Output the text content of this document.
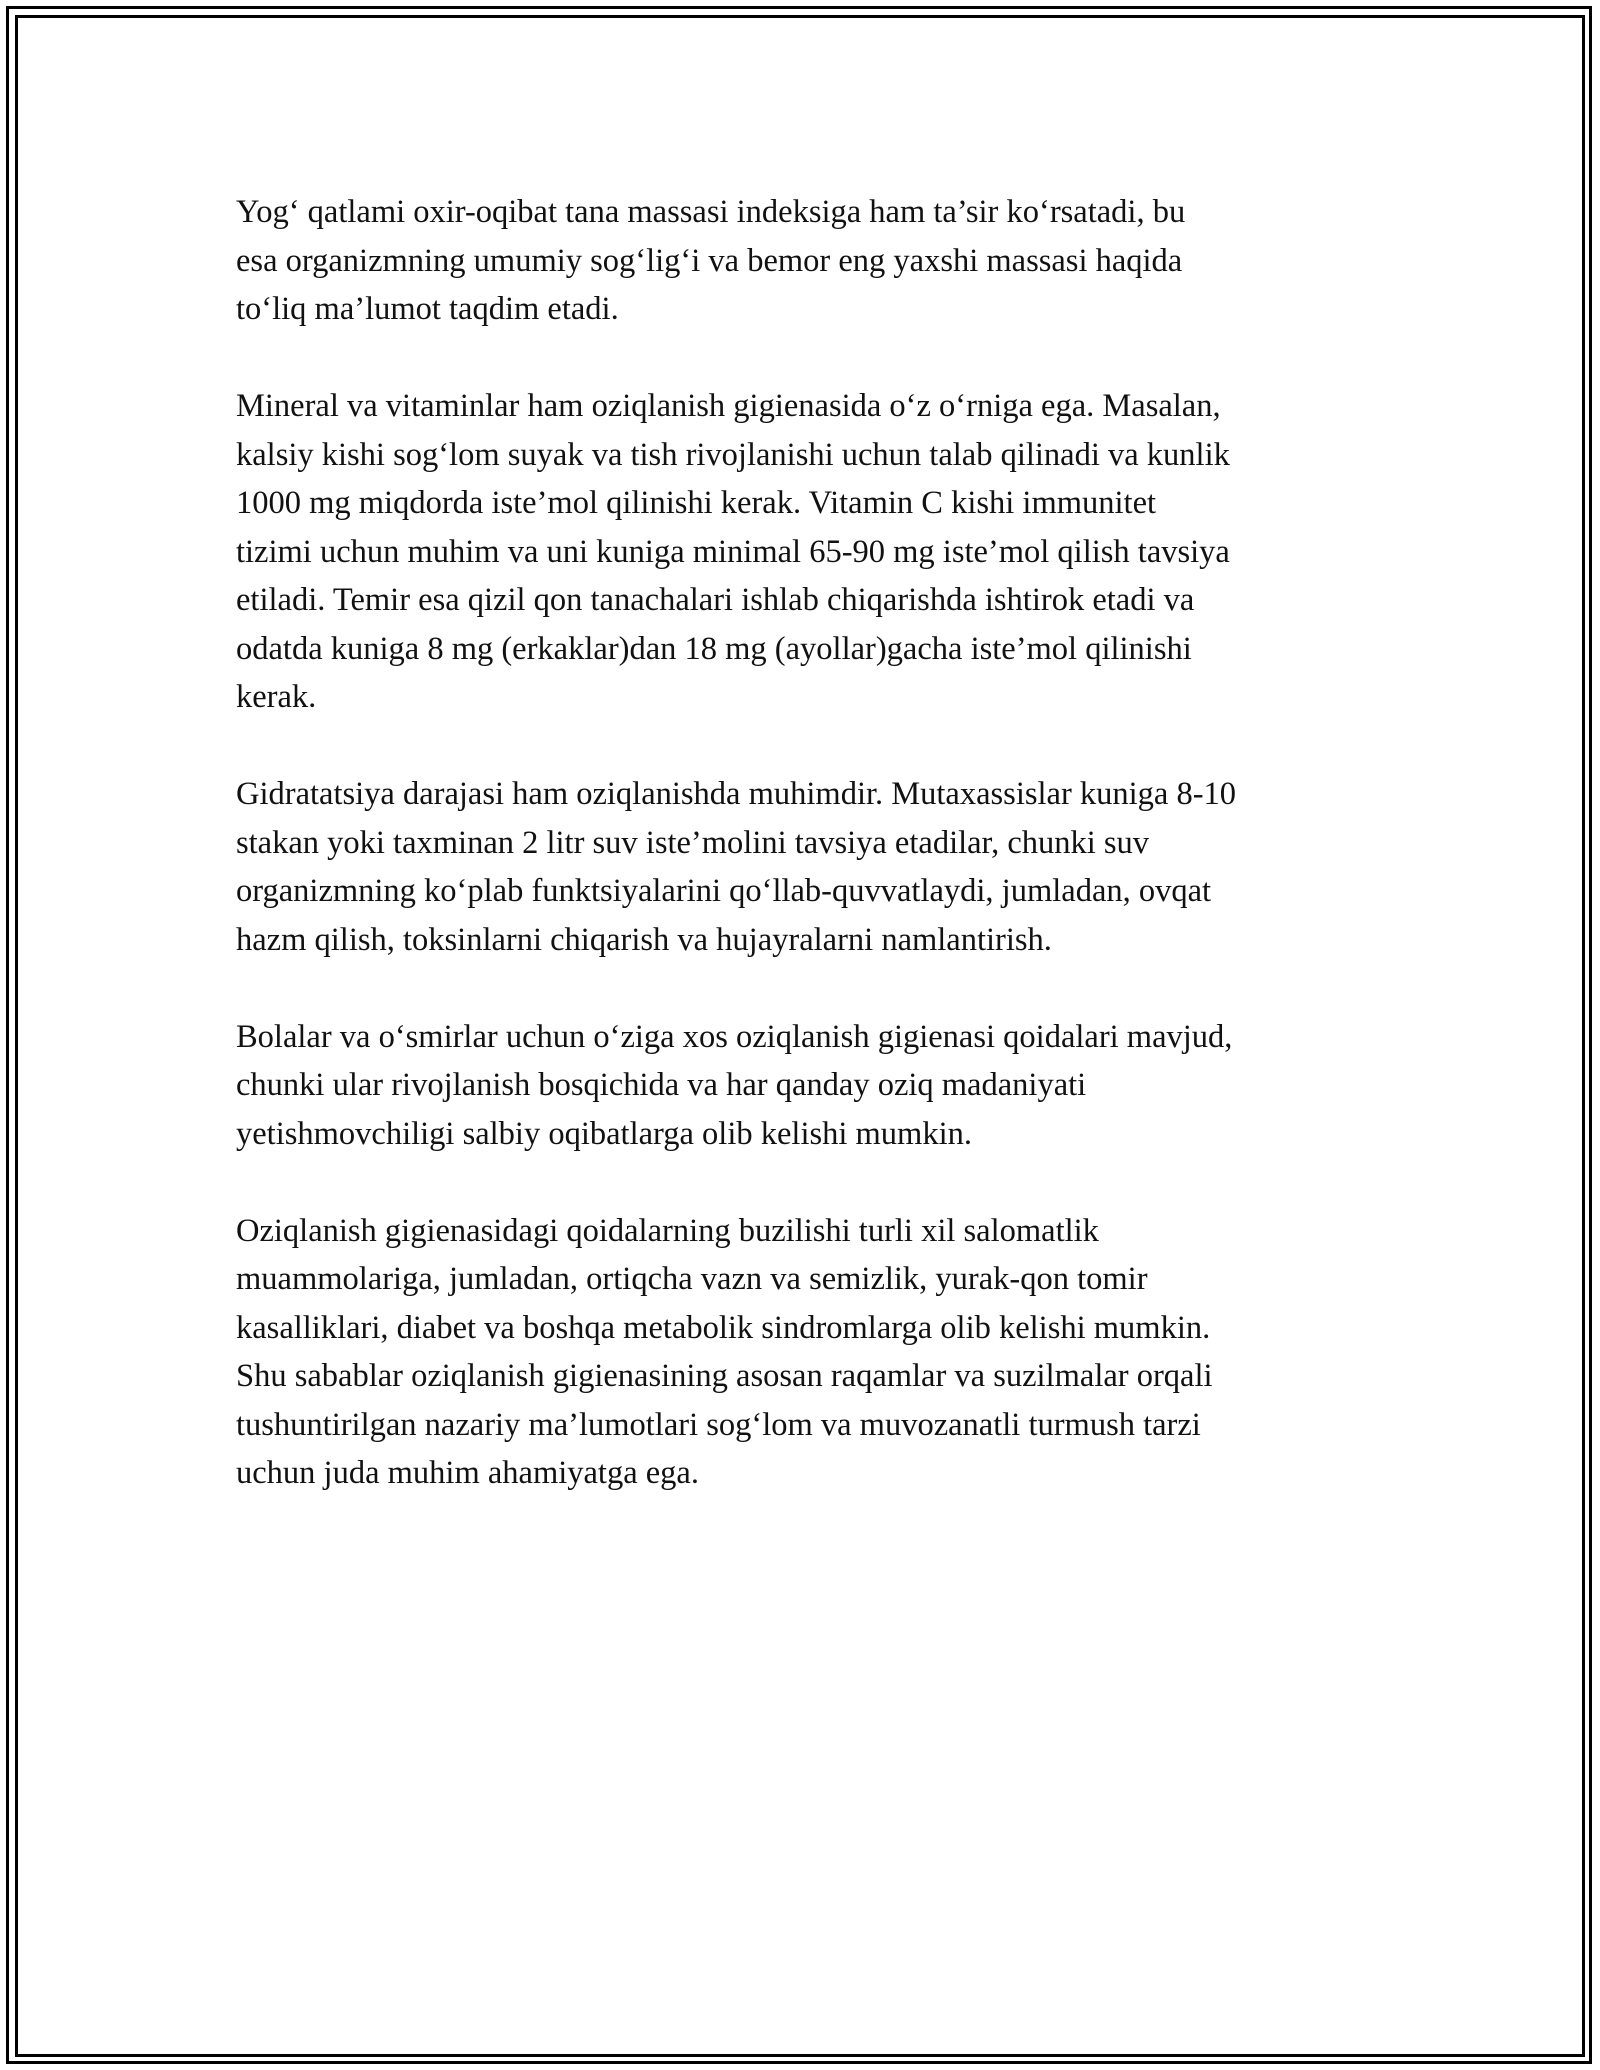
Yog‘ qatlami oxir-oqibat tana massasi indeksiga ham ta’sir ko‘rsatadi, bu
esa organizmning umumiy sog‘lig‘i va bemor eng yaxshi massasi haqida
to‘liq ma’lumot taqdim etadi.

Mineral va vitaminlar ham oziqlanish gigienasida o‘z o‘rniga ega. Masalan,
kalsiy kishi sog‘lom suyak va tish rivojlanishi uchun talab qilinadi va kunlik
1000 mg miqdorda iste’mol qilinishi kerak. Vitamin C kishi immunitet
tizimi uchun muhim va uni kuniga minimal 65-90 mg iste’mol qilish tavsiya
etiladi. Temir esa qizil qon tanachalari ishlab chiqarishda ishtirok etadi va
odatda kuniga 8 mg (erkaklar)dan 18 mg (ayollar)gacha iste’mol qilinishi
kerak.

Gidratatsiya darajasi ham oziqlanishda muhimdir. Mutaxassislar kuniga 8-10
stakan yoki taxminan 2 litr suv iste’molini tavsiya etadilar, chunki suv
organizmning ko‘plab funktsiyalarini qo‘llab-quvvatlaydi, jumladan, ovqat
hazm qilish, toksinlarni chiqarish va hujayralarni namlantirish.

Bolalar va o‘smirlar uchun o‘ziga xos oziqlanish gigienasi qoidalari mavjud,
chunki ular rivojlanish bosqichida va har qanday oziq madaniyati
yetishmovchiligi salbiy oqibatlarga olib kelishi mumkin.

Oziqlanish gigienasidagi qoidalarning buzilishi turli xil salomatlik
muammolariga, jumladan, ortiqcha vazn va semizlik, yurak-qon tomir
kasalliklari, diabet va boshqa metabolik sindromlarga olib kelishi mumkin.
Shu sabablar oziqlanish gigienasining asosan raqamlar va suzilmalar orqali
tushuntirilgan nazariy ma’lumotlari sog‘lom va muvozanatli turmush tarzi
uchun juda muhim ahamiyatga ega.
